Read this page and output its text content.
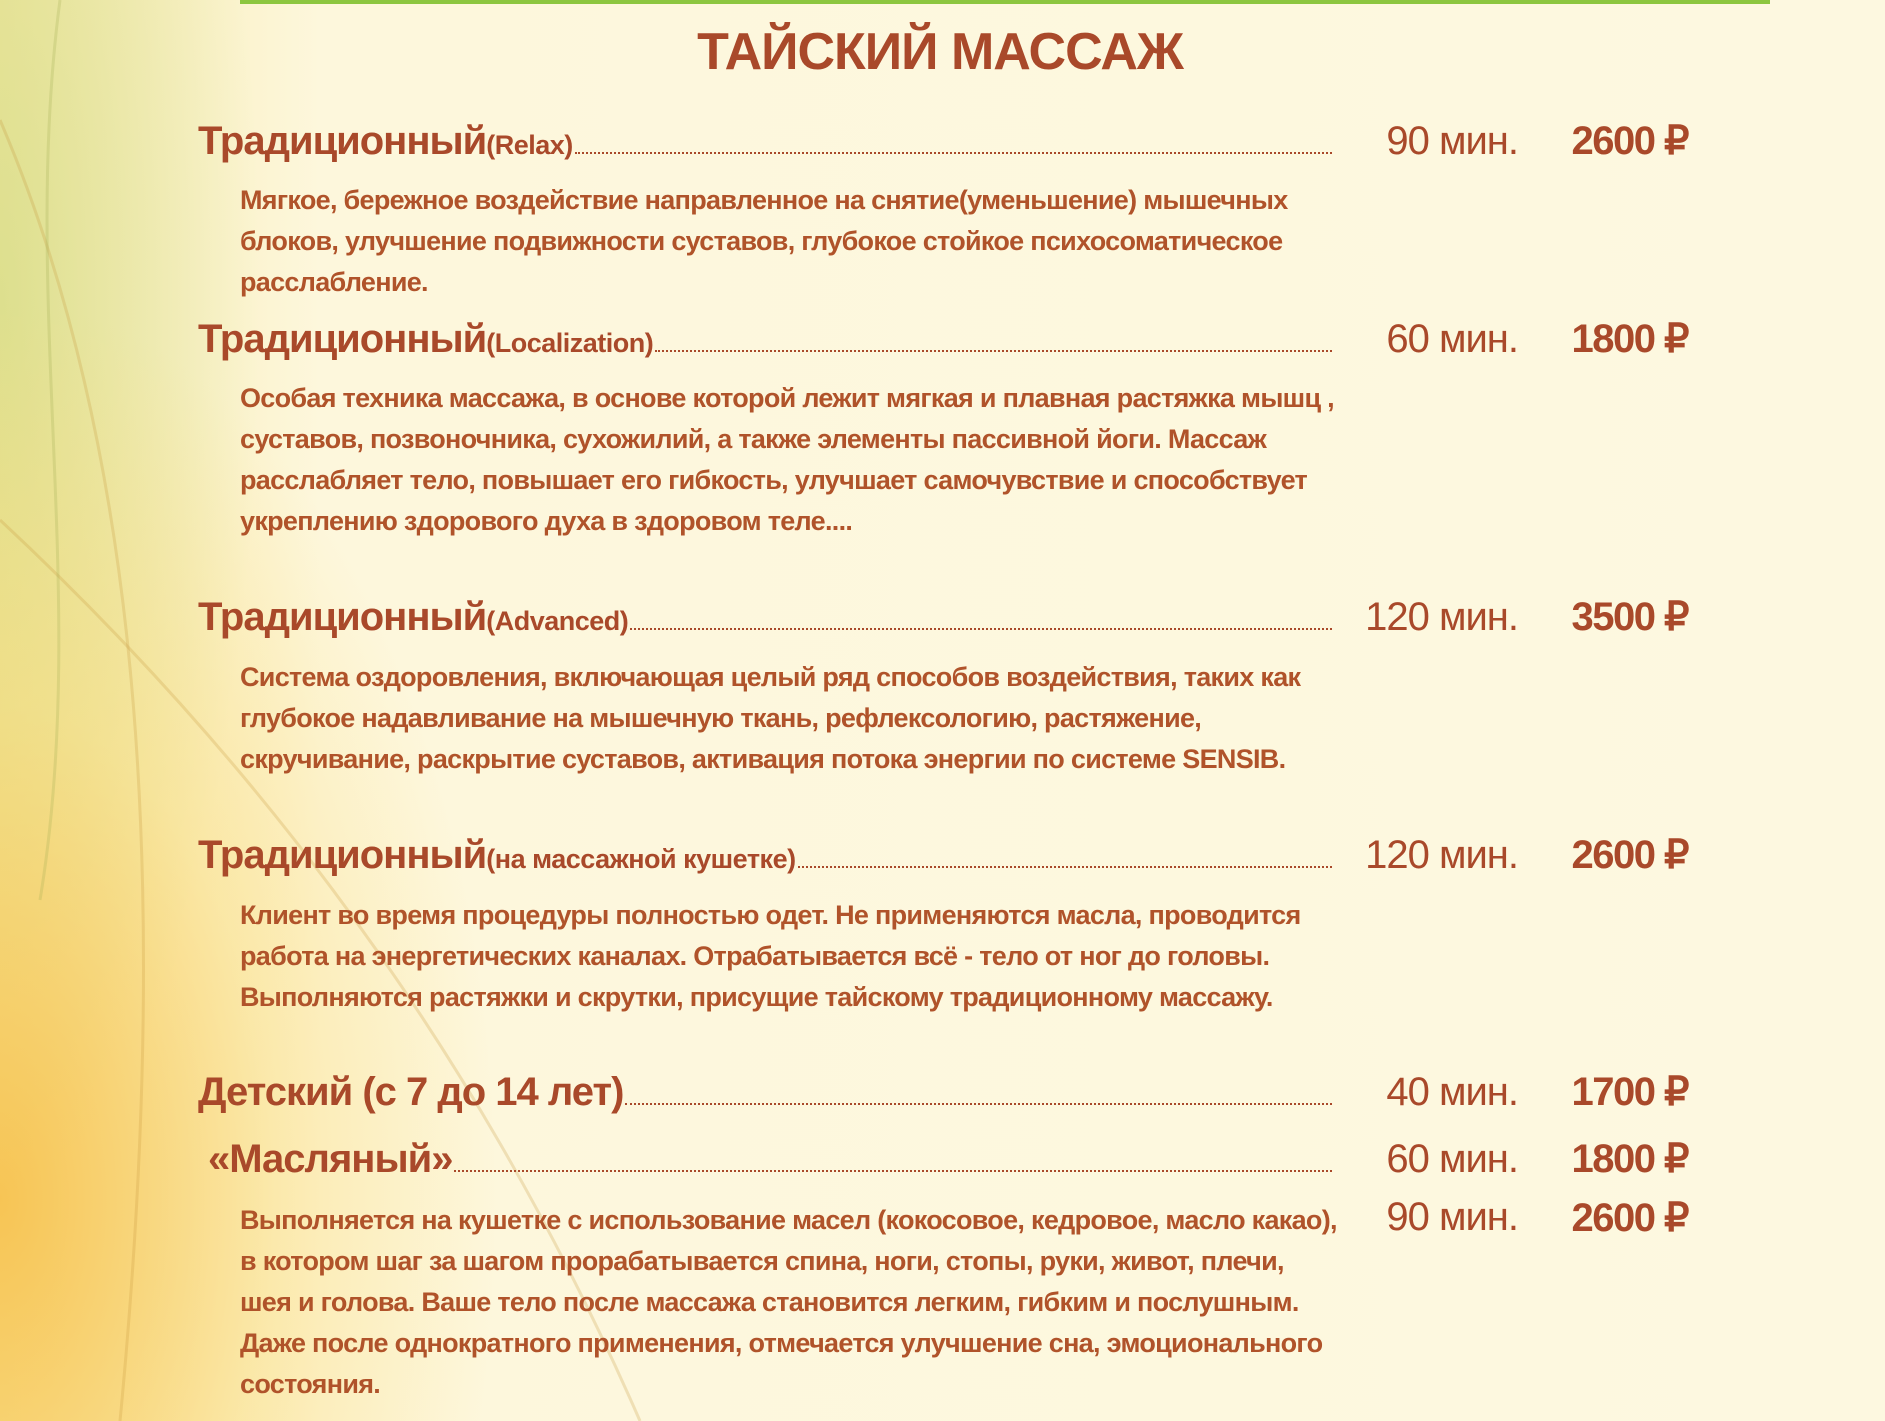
ТАЙСКИЙ МАССАЖ
Традиционный (Relax)	90 мин.	2600 ₽
Мягкое, бережное воздействие направленное на снятие(уменьшение) мышечных блоков, улучшение подвижности суставов, глубокое стойкое психосоматическое расслабление.
Традиционный (Localization)	60 мин.	1800 ₽
Особая техника массажа, в основе которой лежит мягкая и плавная растяжка мышц , суставов, позвоночника, сухожилий, а также элементы пассивной йоги. Массаж расслабляет тело, повышает его гибкость, улучшает самочувствие и способствует укреплению здорового духа в здоровом теле....
Традиционный (Advanced)	120 мин.	3500 ₽
Система оздоровления, включающая целый ряд способов воздействия, таких как глубокое надавливание на мышечную ткань, рефлексологию, растяжение, скручивание, раскрытие суставов, активация потока энергии по системе SENSIB.
Традиционный (на массажной кушетке)	120 мин.	2600 ₽
Клиент во время процедуры полностью одет. Не применяются масла, проводится работа на энергетических каналах. Отрабатывается всё - тело от ног до головы. Выполняются растяжки и скрутки, присущие тайскому традиционному массажу.
Детский (с 7 до 14 лет)	40 мин.	1700 ₽
«Масляный»	60 мин.	1800 ₽
90 мин.	2600 ₽
Выполняется на кушетке с использование масел (кокосовое, кедровое, масло какао), в котором шаг за шагом прорабатывается спина, ноги, стопы, руки, живот, плечи, шея и голова. Ваше тело после массажа становится легким, гибким и послушным. Даже после однократного применения, отмечается улучшение сна, эмоционального состояния.
